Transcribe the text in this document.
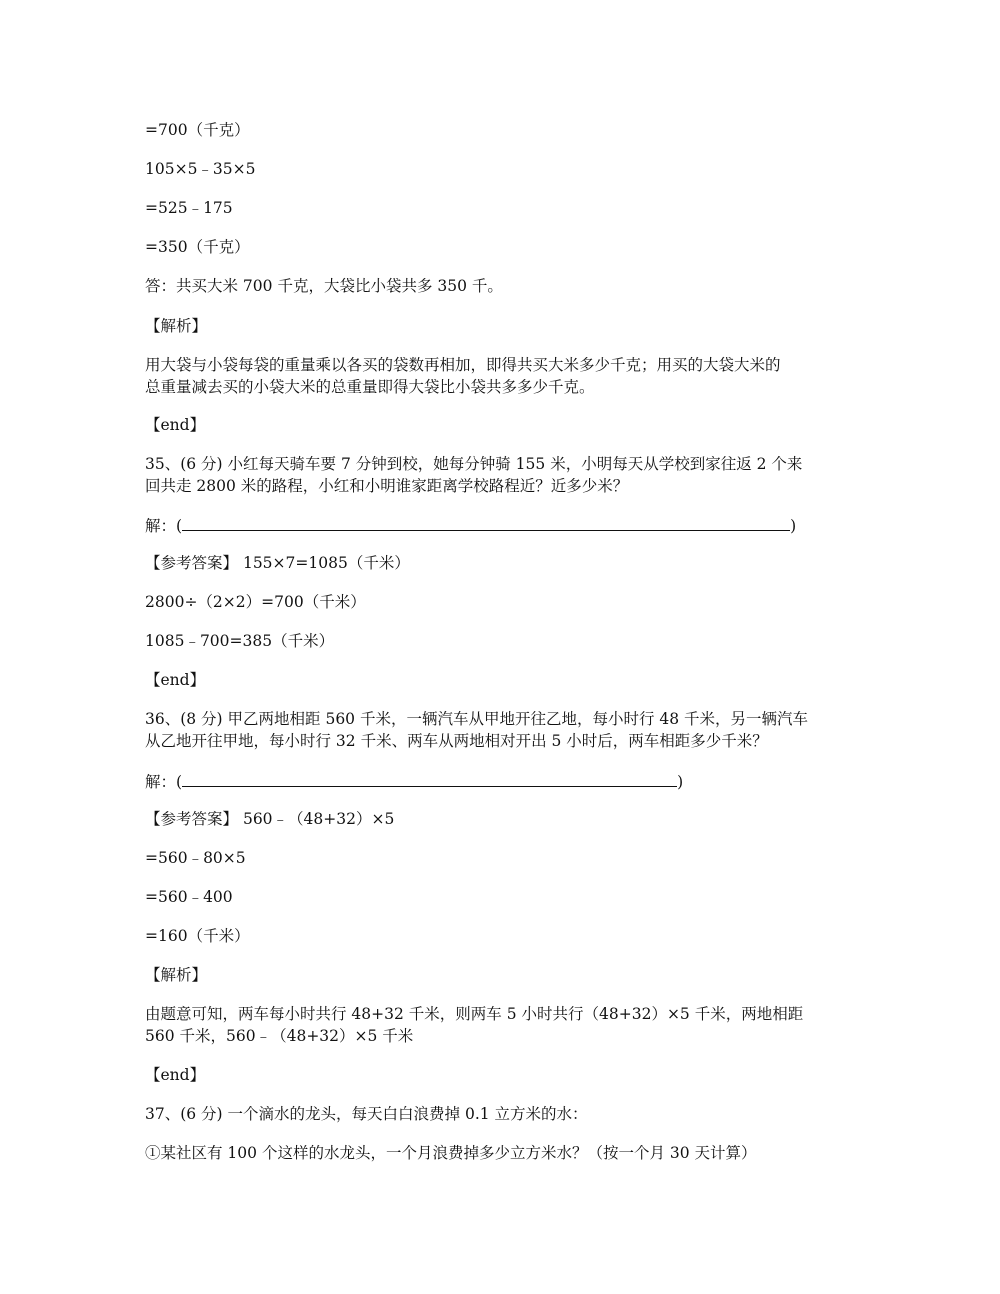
=700（千克）
105×5﹣35×5
=525﹣175
=350（千克）
答：共买大米 700 千克，大袋比小袋共多 350 千。
【解析】
用大袋与小袋每袋的重量乘以各买的袋数再相加，即得共买大米多少千克；用买的大袋大米的
总重量减去买的小袋大米的总重量即得大袋比小袋共多多少千克。
【end】
35、(6 分) 小红每天骑车要 7 分钟到校，她每分钟骑 155 米，小明每天从学校到家往返 2 个来
回共走 2800 米的路程，小红和小明谁家距离学校路程近？近多少米？
解：(	)
【参考答案】 155×7=1085（千米）
2800÷（2×2）=700（千米）
1085﹣700=385（千米）
【end】
36、(8 分) 甲乙两地相距 560 千米，一辆汽车从甲地开往乙地，每小时行 48 千米，另一辆汽车
从乙地开往甲地，每小时行 32 千米、两车从两地相对开出 5 小时后，两车相距多少千米？
解：(	)
【参考答案】 560﹣（48+32）×5
=560﹣80×5
=560﹣400
=160（千米）
【解析】
由题意可知，两车每小时共行 48+32 千米，则两车 5 小时共行（48+32）×5 千米，两地相距
560 千米，560﹣（48+32）×5 千米
【end】
37、(6 分) 一个滴水的龙头，每天白白浪费掉 0.1 立方米的水：
①某社区有 100 个这样的水龙头，一个月浪费掉多少立方米水？（按一个月 30 天计算）
